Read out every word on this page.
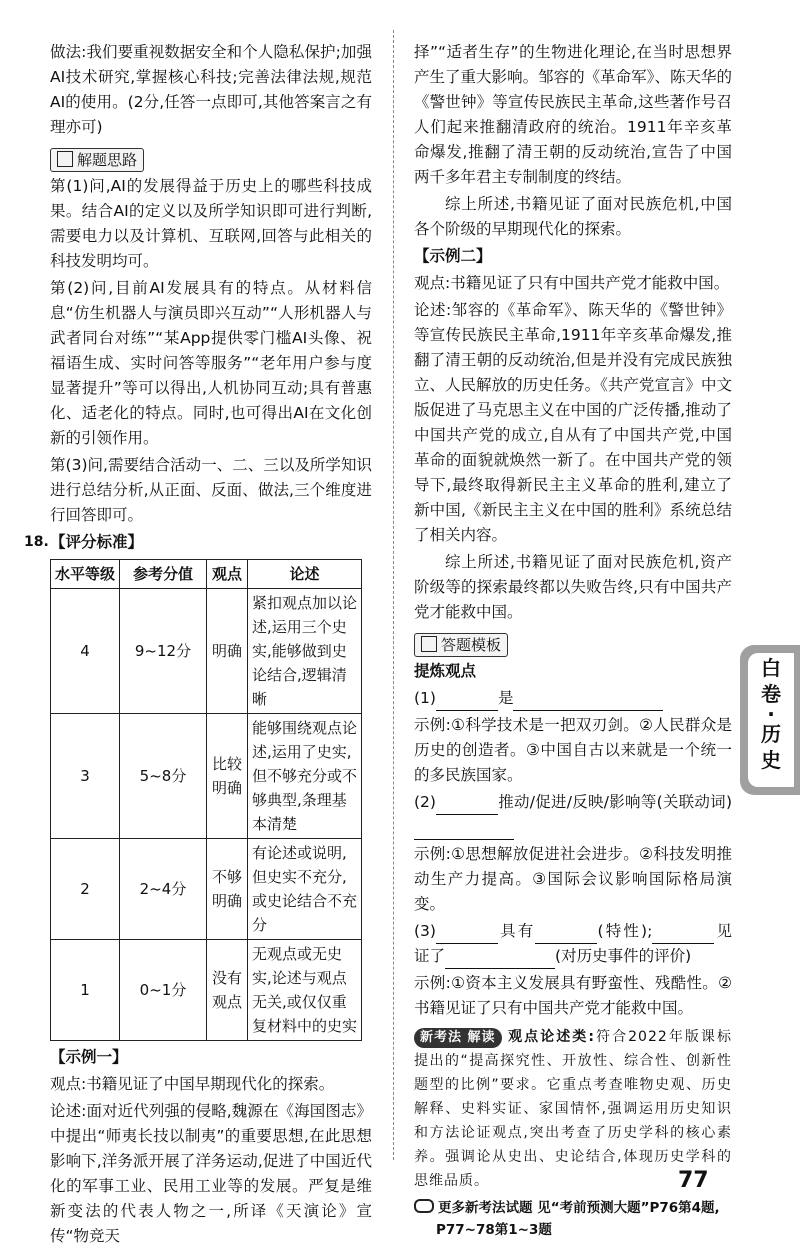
做法:我们要重视数据安全和个人隐私保护;加强AI技术研究,掌握核心科技;完善法律法规,规范AI的使用。(2分,任答一点即可,其他答案言之有理亦可)

解题思路

第(1)问,AI的发展得益于历史上的哪些科技成果。结合AI的定义以及所学知识即可进行判断,需要电力以及计算机、互联网,回答与此相关的科技发明均可。

第(2)问,目前AI发展具有的特点。从材料信息“仿生机器人与演员即兴互动”“人形机器人与武者同台对练”“某App提供零门槛AI头像、祝福语生成、实时问答等服务”“老年用户参与度显著提升”等可以得出,人机协同互动;具有普惠化、适老化的特点。同时,也可得出AI在文化创新的引领作用。

第(3)问,需要结合活动一、二、三以及所学知识进行总结分析,从正面、反面、做法,三个维度进行回答即可。

18. 【评分标准】
水平等级	参考分值	观点	论述
4	9~12分	明确	紧扣观点加以论述,运用三个史实,能够做到史论结合,逻辑清晰
3	5~8分	比较明确	能够围绕观点论述,运用了史实,但不够充分或不够典型,条理基本清楚
2	2~4分	不够明确	有论述或说明,但史实不充分,或史论结合不充分
1	0~1分	没有观点	无观点或无史实,论述与观点无关,或仅仅重复材料中的史实

【示例一】

观点:书籍见证了中国早期现代化的探索。

论述:面对近代列强的侵略,魏源在《海国图志》中提出“师夷长技以制夷”的重要思想,在此思想影响下,洋务派开展了洋务运动,促进了中国近代化的军事工业、民用工业等的发展。严复是维新变法的代表人物之一,所译《天演论》宣传“物竞天

择”“适者生存”的生物进化理论,在当时思想界产生了重大影响。邹容的《革命军》、陈天华的《警世钟》等宣传民族民主革命,这些著作号召人们起来推翻清政府的统治。1911年辛亥革命爆发,推翻了清王朝的反动统治,宣告了中国两千多年君主专制制度的终结。

综上所述,书籍见证了面对民族危机,中国各个阶级的早期现代化的探索。

【示例二】

观点:书籍见证了只有中国共产党才能救中国。

论述:邹容的《革命军》、陈天华的《警世钟》等宣传民族民主革命,1911年辛亥革命爆发,推翻了清王朝的反动统治,但是并没有完成民族独立、人民解放的历史任务。《共产党宣言》中文版促进了马克思主义在中国的广泛传播,推动了中国共产党的成立,自从有了中国共产党,中国革命的面貌就焕然一新了。在中国共产党的领导下,最终取得新民主主义革命的胜利,建立了新中国,《新民主主义在中国的胜利》系统总结了相关内容。

综上所述,书籍见证了面对民族危机,资产阶级等的探索最终都以失败告终,只有中国共产党才能救中国。

答题模板

提炼观点

(1)	是

示例:①科学技术是一把双刃剑。②人民群众是历史的创造者。③中国自古以来就是一个统一的多民族国家。

(2)	推动/促进/反映/影响等(关联动词)

示例:①思想解放促进社会进步。②科技发明推动生产力提高。③国际会议影响国际格局演变。

(3)	具有	(特性);	见证了	(对历史事件的评价)

示例:①资本主义发展具有野蛮性、残酷性。②书籍见证了只有中国共产党才能救中国。

新考法 解读 观点论述类:符合2022年版课标提出的“提高探究性、开放性、综合性、创新性题型的比例”要求。它重点考查唯物史观、历史解释、史料实证、家国情怀,强调运用历史知识和方法论证观点,突出考查了历史学科的核心素养。强调论从史出、史论结合,体现历史学科的思维品质。

更多新考法试题 见“考前预测大题”P76第4题,
P77~78第1~3题
白
卷
·
历
史
77
